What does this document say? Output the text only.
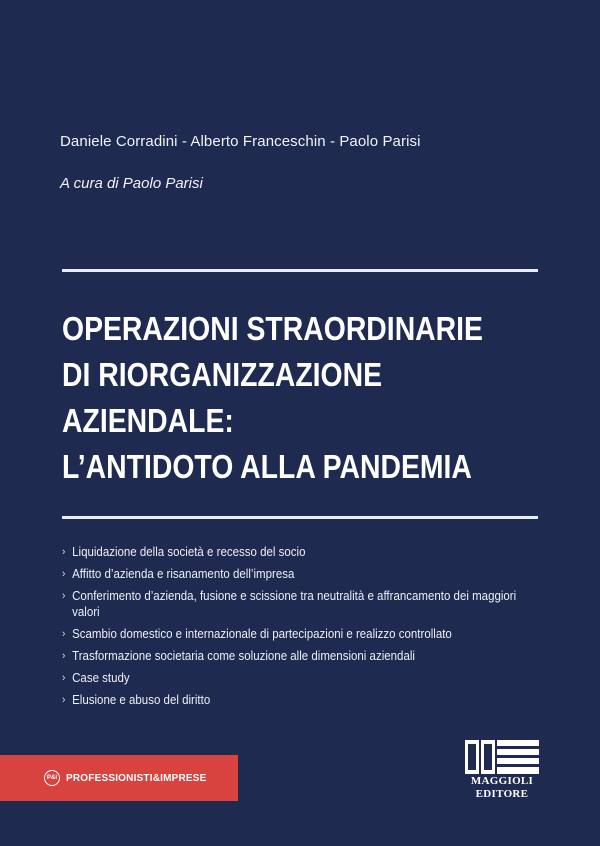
Daniele Corradini - Alberto Franceschin - Paolo Parisi
A cura di Paolo Parisi
OPERAZIONI STRAORDINARIE
DI RIORGANIZZAZIONE
AZIENDALE:
L’ANTIDOTO ALLA PANDEMIA
› Liquidazione della società e recesso del socio
› Affitto d’azienda e risanamento dell’impresa
› Conferimento d’azienda, fusione e scissione tra neutralità e affrancamento dei maggiori valori
› Scambio domestico e internazionale di partecipazioni e realizzo controllato
› Trasformazione societaria come soluzione alle dimensioni aziendali
› Case study
› Elusione e abuso del diritto
P&I PROFESSIONISTI&IMPRESE	MAGGIOLI
EDITORE
